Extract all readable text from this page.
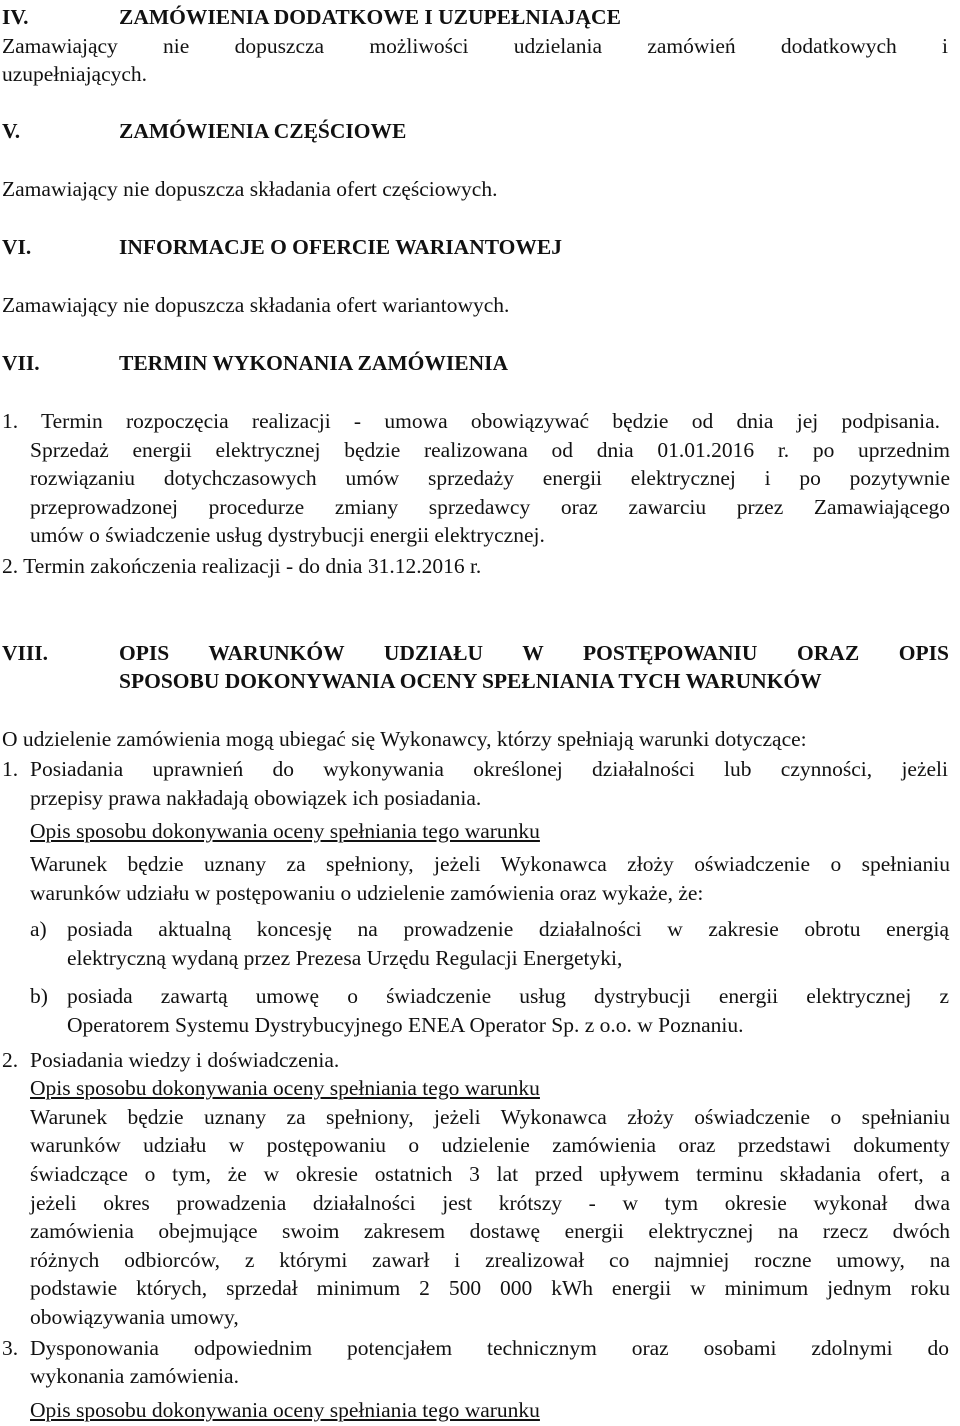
IV.	ZAMÓWIENIA DODATKOWE I UZUPEŁNIAJĄCE
Zamawiający nie dopuszcza możliwości udzielania zamówień dodatkowych i
uzupełniających.
V.	ZAMÓWIENIA CZĘŚCIOWE
Zamawiający nie dopuszcza składania ofert częściowych.
VI.	INFORMACJE O OFERCIE WARIANTOWEJ
Zamawiający nie dopuszcza składania ofert wariantowych.
VII.	TERMIN WYKONANIA ZAMÓWIENIA
1. Termin rozpoczęcia realizacji - umowa obowiązywać będzie od dnia jej podpisania.
Sprzedaż energii elektrycznej będzie realizowana od dnia 01.01.2016 r. po uprzednim
rozwiązaniu dotychczasowych umów sprzedaży energii elektrycznej i po pozytywnie
przeprowadzonej procedurze zmiany sprzedawcy oraz zawarciu przez Zamawiającego
umów o świadczenie usług dystrybucji energii elektrycznej.
2. Termin zakończenia realizacji - do dnia 31.12.2016 r.
VIII.	OPIS WARUNKÓW UDZIAŁU W POSTĘPOWANIU ORAZ OPIS
SPOSOBU DOKONYWANIA OCENY SPEŁNIANIA TYCH WARUNKÓW
O udzielenie zamówienia mogą ubiegać się Wykonawcy, którzy spełniają warunki dotyczące:
1. Posiadania uprawnień do wykonywania określonej działalności lub czynności, jeżeli
przepisy prawa nakładają obowiązek ich posiadania.
Opis sposobu dokonywania oceny spełniania tego warunku
Warunek będzie uznany za spełniony, jeżeli Wykonawca złoży oświadczenie o spełnianiu
warunków udziału w postępowaniu o udzielenie zamówienia oraz wykaże, że:
a) posiada aktualną koncesję na prowadzenie działalności w zakresie obrotu energią
elektryczną wydaną przez Prezesa Urzędu Regulacji Energetyki,
b) posiada zawartą umowę o świadczenie usług dystrybucji energii elektrycznej z
Operatorem Systemu Dystrybucyjnego ENEA Operator Sp. z o.o. w Poznaniu.
2. Posiadania wiedzy i doświadczenia.
Opis sposobu dokonywania oceny spełniania tego warunku
Warunek będzie uznany za spełniony, jeżeli Wykonawca złoży oświadczenie o spełnianiu
warunków udziału w postępowaniu o udzielenie zamówienia oraz przedstawi dokumenty
świadczące o tym, że w okresie ostatnich 3 lat przed upływem terminu składania ofert, a
jeżeli okres prowadzenia działalności jest krótszy - w tym okresie wykonał dwa
zamówienia obejmujące swoim zakresem dostawę energii elektrycznej na rzecz dwóch
różnych odbiorców, z którymi zawarł i zrealizował co najmniej roczne umowy, na
podstawie których, sprzedał minimum 2 500 000 kWh energii w minimum jednym roku
obowiązywania umowy,
3. Dysponowania odpowiednim potencjałem technicznym oraz osobami zdolnymi do
wykonania zamówienia.
Opis sposobu dokonywania oceny spełniania tego warunku
